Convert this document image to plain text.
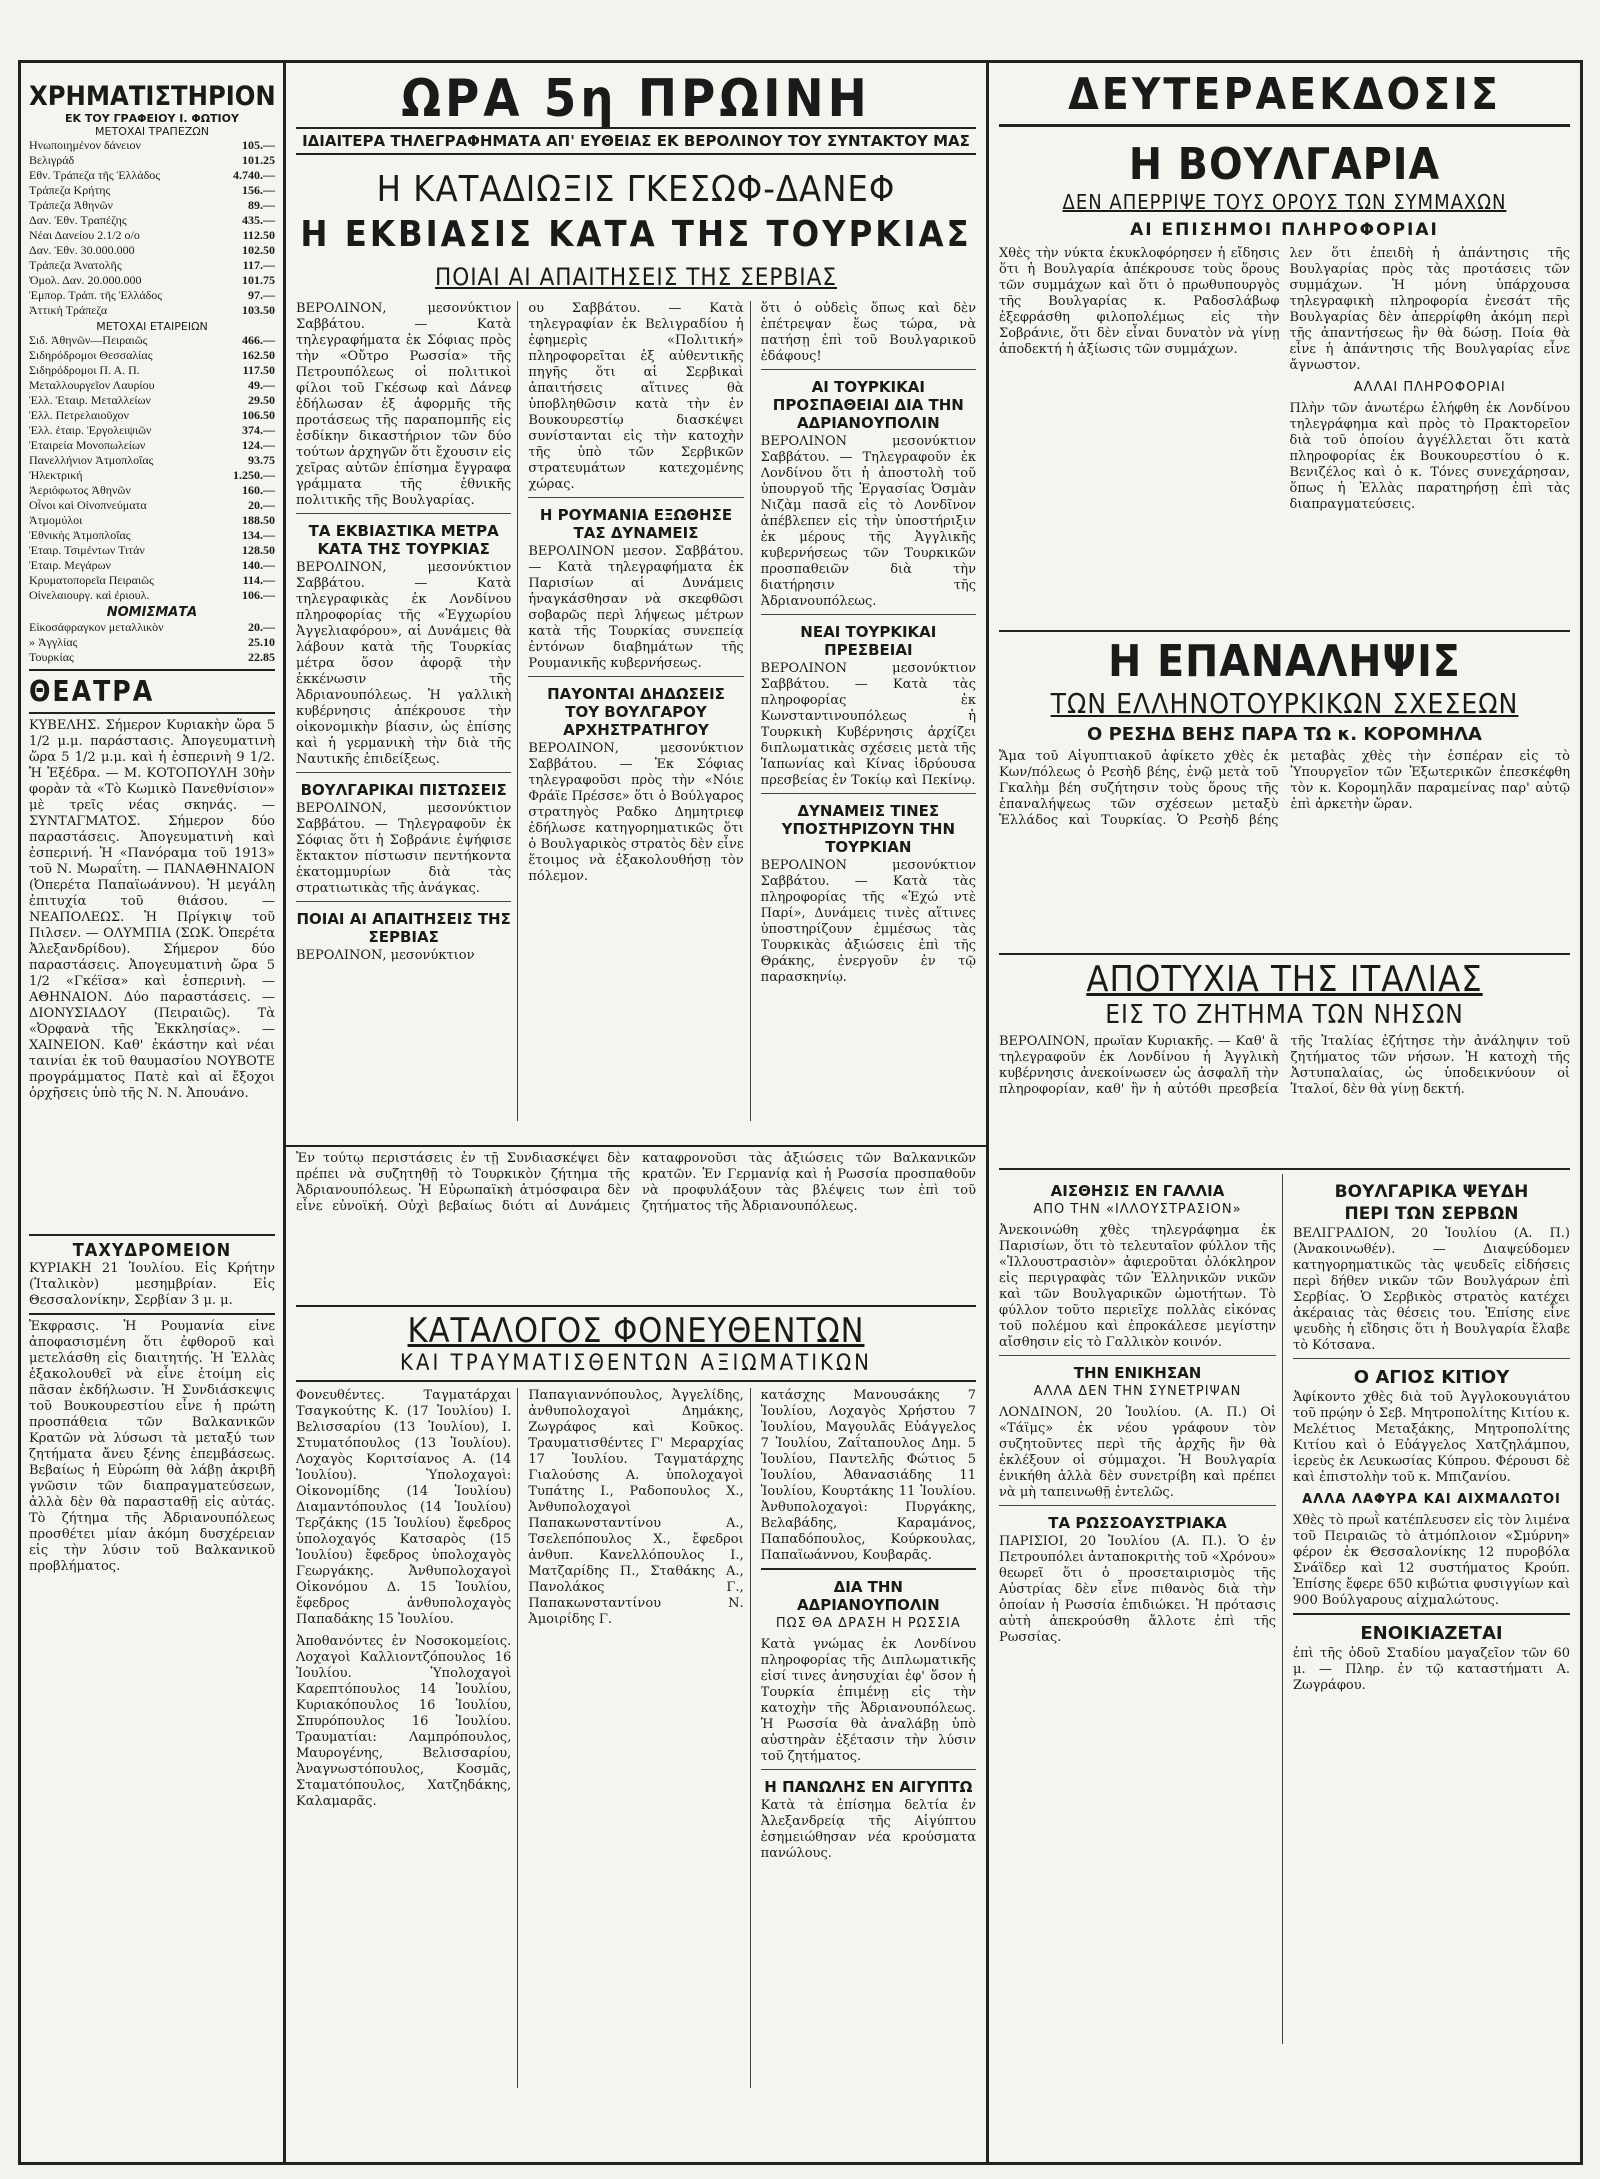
ΧΡΗΜΑΤΙΣΤΗΡΙΟΝ
ΕΚ ΤΟΥ ΓΡΑΦΕΙΟΥ Ι. ΦΩΤΙΟΥ
ΜΕΤΟΧΑΙ ΤΡΑΠΕΖΩΝ
Ηνωποιημένον δάνειον	105.—
Βελιγράδ	101.25
Εθν. Τράπεζα τῆς Ἑλλάδος	4.740.—
Τράπεζα Κρήτης	156.—
Τράπεζα Ἀθηνῶν	89.—
Δαν. Ἐθν. Τραπέζης	435.—
Νέαι Δανείου 2.1/2 ο/ο	112.50
Δαν. Ἐθν. 30.000.000	102.50
Τράπεζα Ἀνατολῆς	117.—
Ὁμολ. Δαν. 20.000.000	101.75
Ἐμπορ. Τράπ. τῆς Ἑλλάδος	97.—
Ἀττικὴ Τράπεζα	103.50
ΜΕΤΟΧΑΙ ΕΤΑΙΡΕΙΩΝ
Σιδ. Ἀθηνῶν—Πειραιῶς	466.—
Σιδηρόδρομοι Θεσσαλίας	162.50
Σιδηρόδρομοι Π. Α. Π.	117.50
Μεταλλουργεῖον Λαυρίου	49.—
Ἑλλ. Ἑταιρ. Μεταλλείων	29.50
Ἑλλ. Πετρελαιοῦχον	106.50
Ἑλλ. ἑταιρ. Ἐργολειψιῶν	374.—
Ἑταιρεία Μονοπωλείων	124.—
Πανελλήνιον Ἀτμοπλοΐας	93.75
Ἠλεκτρική	1.250.—
Ἀεριόφωτος Ἀθηνῶν	160.—
Οἶνοι καὶ Οἰνοπνεύματα	20.—
Ἀτμομύλοι	188.50
Ἐθνικὴς Ἀτμοπλοΐας	134.—
Ἑταιρ. Τσιμέντων Τιτάν	128.50
Ἑταιρ. Μεγάρων	140.—
Κρυματοπορεῖα Πειραιῶς	114.—
Οἰνελαιουργ. καὶ ἐριουλ.	106.—
ΝΟΜΙΣΜΑΤΑ
Εἰκοσάφραγκον μεταλλικὸν	20.—
» Ἀγγλίας	25.10
Τουρκίας	22.85
ΘΕΑΤΡΑ

ΚΥΒΕΛΗΣ. Σήμερον Κυριακὴν ὥρα 5 1/2 μ.μ. παράστασις. Ἀπογευματινὴ ὥρα 5 1/2 μ.μ. καὶ ἡ ἑσπερινὴ 9 1/2. Ἡ Ἐξέδρα. — Μ. ΚΟΤΟΠΟΥΛΗ 30ὴν φορὰν τὰ «Τὸ Κωμικὸ Πανεθνίσιον» μὲ τρεῖς νέας σκηνάς. — ΣΥΝΤΑΓΜΑΤΟΣ. Σήμερον δύο παραστάσεις. Ἀπογευματινὴ καὶ ἑσπερινή. Ἡ «Πανόραμα τοῦ 1913» τοῦ Ν. Μωραΐτη. — ΠΑΝΑΘΗΝΑΙΟΝ (Ὀπερέτα Παπαϊωάννου). Ἡ μεγάλη ἐπιτυχία τοῦ θιάσου. — ΝΕΑΠΟΛΕΩΣ. Ἡ Πρίγκιψ τοῦ Πιλσεν. — ΟΛΥΜΠΙΑ (ΣΩΚ. Ὀπερέτα Ἀλεξανδρίδου). Σήμερον δύο παραστάσεις. Ἀπογευματινὴ ὥρα 5 1/2 «Γκέϊσα» καὶ ἑσπερινὴ. — ΑΘΗΝΑΙΟΝ. Δύο παραστάσεις. — ΔΙΟΝΥΣΙΑΔΟΥ (Πειραιῶς). Τὰ «Ὀρφανὰ τῆς Ἐκκλησίας». — ΧΑΙΝΕΙΟΝ. Καθ' ἑκάστην καὶ νέαι ταινίαι ἐκ τοῦ θαυμασίου ΝΟΥΒΟΤΕ προγράμματος Πατὲ καὶ αἱ ἔξοχοι ὀρχῆσεις ὑπὸ τῆς Ν. Ν. Ἀπουάνο.

ΤΑΧΥΔΡΟΜΕΙΟΝ

ΚΥΡΙΑΚΗ 21 Ἰουλίου. Εἰς Κρήτην (Ἰταλικὸν) μεσημβρίαν. Εἰς Θεσσαλονίκην, Σερβίαν 3 μ. μ.

Ἐκφρασις. Ἡ Ρουμανία εἶνε ἀποφασισμένη ὅτι ἐφθοροῦ καὶ μετελάσθη εἰς διαιτητής. Ἡ Ἑλλὰς ἐξακολουθεῖ νὰ εἶνε ἑτοίμη εἰς πᾶσαν ἐκδήλωσιν. Ἡ Συνδιάσκεψις τοῦ Βουκουρεστίου εἶνε ἡ πρώτη προσπάθεια τῶν Βαλκανικῶν Κρατῶν νὰ λύσωσι τὰ μεταξύ των ζητήματα ἄνευ ξένης ἐπεμβάσεως. Βεβαίως ἡ Εὐρώπη θὰ λάβῃ ἀκριβῆ γνῶσιν τῶν διαπραγματεύσεων, ἀλλὰ δὲν θὰ παρασταθῇ εἰς αὐτάς. Τὸ ζήτημα τῆς Ἀδριανουπόλεως προσθέτει μίαν ἀκόμη δυσχέρειαν εἰς τὴν λύσιν τοῦ Βαλκανικοῦ προβλήματος.

ΩΡΑ 5η ΠΡΩΙΝΗ
ΙΔΙΑΙΤΕΡΑ ΤΗΛΕΓΡΑΦΗΜΑΤΑ ΑΠ' ΕΥΘΕΙΑΣ ΕΚ ΒΕΡΟΛΙΝΟΥ ΤΟΥ ΣΥΝΤΑΚΤΟΥ ΜΑΣ
Η ΚΑΤΑΔΙΩΞΙΣ ΓΚΕΣΩΦ-ΔΑΝΕΦ
Η ΕΚΒΙΑΣΙΣ ΚΑΤΑ ΤΗΣ ΤΟΥΡΚΙΑΣ
ΠΟΙΑΙ ΑΙ ΑΠΑΙΤΗΣΕΙΣ ΤΗΣ ΣΕΡΒΙΑΣ

ΒΕΡΟΛΙΝΟΝ, μεσονύκτιον Σαββάτου. — Κατὰ τηλεγραφήματα ἐκ Σόφιας πρὸς τὴν «Οὔτρο Ρωσσία» τῆς Πετρουπόλεως οἱ πολιτικοὶ φίλοι τοῦ Γκέσωφ καὶ Δάνεφ ἐδήλωσαν ἐξ ἀφορμῆς τῆς προτάσεως τῆς παραπομπῆς εἰς ἐσδίκην δικαστήριον τῶν δύο τούτων ἀρχηγῶν ὅτι ἔχουσιν εἰς χεῖρας αὐτῶν ἐπίσημα ἔγγραφα γράμματα τῆς ἐθνικῆς πολιτικῆς τῆς Βουλγαρίας.

ΤΑ ΕΚΒΙΑΣΤΙΚΑ ΜΕΤΡΑ ΚΑΤΑ ΤΗΣ ΤΟΥΡΚΙΑΣ

ΒΕΡΟΛΙΝΟΝ, μεσονύκτιον Σαββάτου. — Κατὰ τηλεγραφικὰς ἐκ Λονδίνου πληροφορίας τῆς «Ἐγχωρίου Ἀγγελιαφόρου», αἱ Δυνάμεις θὰ λάβουν κατὰ τῆς Τουρκίας μέτρα ὅσον ἀφορᾷ τὴν ἐκκένωσιν τῆς Ἀδριανουπόλεως. Ἡ γαλλικὴ κυβέρνησις ἀπέκρουσε τὴν οἰκονομικὴν βίασιν, ὡς ἐπίσης καὶ ἡ γερμανικὴ τὴν διὰ τῆς Ναυτικῆς ἐπιδείξεως.

ΒΟΥΛΓΑΡΙΚΑΙ ΠΙΣΤΩΣΕΙΣ

ΒΕΡΟΛΙΝΟΝ, μεσονύκτιον Σαββάτου. — Τηλεγραφοῦν ἐκ Σόφιας ὅτι ἡ Σοβράνιε ἐψήφισε ἔκτακτον πίστωσιν πεντήκοντα ἑκατομμυρίων διὰ τὰς στρατιωτικὰς τῆς ἀνάγκας.

ΠΟΙΑΙ ΑΙ ΑΠΑΙΤΗΣΕΙΣ ΤΗΣ ΣΕΡΒΙΑΣ

ΒΕΡΟΛΙΝΟΝ, μεσονύκτιον

ου Σαββάτου. — Κατὰ τηλεγραφίαν ἐκ Βελιγραδίου ἡ ἐφημερὶς «Πολιτική» πληροφορεῖται ἐξ αὐθεντικῆς πηγῆς ὅτι αἱ Σερβικαὶ ἀπαιτήσεις αἵτινες θὰ ὑποβληθῶσιν κατὰ τὴν ἐν Βουκουρεστίῳ διασκέψει συνίστανται εἰς τὴν κατοχὴν τῆς ὑπὸ τῶν Σερβικῶν στρατευμάτων κατεχομένης χώρας.

Η ΡΟΥΜΑΝΙΑ ΕΞΩΘΗΣΕ ΤΑΣ ΔΥΝΑΜΕΙΣ

ΒΕΡΟΛΙΝΟΝ μεσον. Σαββάτου. — Κατὰ τηλεγραφήματα ἐκ Παρισίων αἱ Δυνάμεις ἠναγκάσθησαν νὰ σκεφθῶσι σοβαρῶς περὶ λήψεως μέτρων κατὰ τῆς Τουρκίας συνεπείᾳ ἐντόνων διαβημάτων τῆς Ρουμανικῆς κυβερνήσεως.

ΠΑΥΟΝΤΑΙ ΔΗΔΩΣΕΙΣ ΤΟΥ ΒΟΥΛΓΑΡΟΥ ΑΡΧΗΣΤΡΑΤΗΓΟΥ

ΒΕΡΟΛΙΝΟΝ, μεσονύκτιον Σαββάτου. — Ἐκ Σόφιας τηλεγραφοῦσι πρὸς τὴν «Νόιε Φράϊε Πρέσσε» ὅτι ὁ Βούλγαρος στρατηγὸς Ραδκο Δημητριεφ ἐδήλωσε κατηγορηματικῶς ὅτι ὁ Βουλγαρικὸς στρατὸς δὲν εἶνε ἕτοιμος νὰ ἐξακολουθήσῃ τὸν πόλεμον.

ὅτι ὁ οὐδεὶς ὅπως καὶ δὲν ἐπέτρεψαν ἕως τώρα, νὰ πατήσῃ ἐπὶ τοῦ Βουλγαρικοῦ ἐδάφους!

ΑΙ ΤΟΥΡΚΙΚΑΙ ΠΡΟΣΠΑΘΕΙΑΙ ΔΙΑ ΤΗΝ ΑΔΡΙΑΝΟΥΠΟΛΙΝ

ΒΕΡΟΛΙΝΟΝ μεσονύκτιον Σαββάτου. — Τηλεγραφοῦν ἐκ Λονδίνου ὅτι ἡ ἀποστολὴ τοῦ ὑπουργοῦ τῆς Ἐργασίας Ὀσμὰν Νιζὰμ πασᾶ εἰς τὸ Λονδῖνον ἀπέβλεπεν εἰς τὴν ὑποστήριξιν ἐκ μέρους τῆς Ἀγγλικῆς κυβερνήσεως τῶν Τουρκικῶν προσπαθειῶν διὰ τὴν διατήρησιν τῆς Ἀδριανουπόλεως.

ΝΕΑΙ ΤΟΥΡΚΙΚΑΙ ΠΡΕΣΒΕΙΑΙ

ΒΕΡΟΛΙΝΟΝ μεσονύκτιον Σαββάτου. — Κατὰ τὰς πληροφορίας ἐκ Κωνσταντινουπόλεως ἡ Τουρκικὴ Κυβέρνησις ἀρχίζει διπλωματικὰς σχέσεις μετὰ τῆς Ἰαπωνίας καὶ Κίνας ἱδρύουσα πρεσβείας ἐν Τοκίῳ καὶ Πεκίνῳ.

ΔΥΝΑΜΕΙΣ ΤΙΝΕΣ ΥΠΟΣΤΗΡΙΖΟΥΝ ΤΗΝ ΤΟΥΡΚΙΑΝ

ΒΕΡΟΛΙΝΟΝ μεσονύκτιον Σαββάτου. — Κατὰ τὰς πληροφορίας τῆς «Ἐχώ ντὲ Παρί», Δυνάμεις τινὲς αἵτινες ὑποστηρίζουν ἐμμέσως τὰς Τουρκικὰς ἀξιώσεις ἐπὶ τῆς Θράκης, ἐνεργοῦν ἐν τῷ παρασκηνίῳ.

Ἐν τούτῳ περιστάσεις ἐν τῇ Συνδιασκέψει δὲν πρέπει νὰ συζητηθῇ τὸ Τουρκικὸν ζήτημα τῆς Ἀδριανουπόλεως. Ἡ Εὐρωπαϊκὴ ἀτμόσφαιρα δὲν εἶνε εὐνοϊκή. Οὐχὶ βεβαίως διότι αἱ Δυνάμεις καταφρονοῦσι τὰς ἀξιώσεις τῶν Βαλκανικῶν κρατῶν. Ἐν Γερμανίᾳ καὶ ἡ Ρωσσία προσπαθοῦν νὰ προφυλάξουν τὰς βλέψεις των ἐπὶ τοῦ ζητήματος τῆς Ἀδριανουπόλεως.

ΚΑΤΑΛΟΓΟΣ ΦΟΝΕΥΘΕΝΤΩΝ
ΚΑΙ ΤΡΑΥΜΑΤΙΣΘΕΝΤΩΝ ΑΞΙΩΜΑΤΙΚΩΝ

Φονευθέντες. Ταγματάρχαι Τσαγκούτης Κ. (17 Ἰουλίου) Ι. Βελισσαρίου (13 Ἰουλίου), Ι. Στυματόπουλος (13 Ἰουλίου). Λοχαγὸς Κοριτσίανος Α. (14 Ἰουλίου). Ὑπολοχαγοὶ: Οἰκονομίδης (14 Ἰουλίου) Διαμαντόπουλος (14 Ἰουλίου) Τερζάκης (15 Ἰουλίου) ἔφεδρος ὑπολοχαγός Κατσαρὸς (15 Ἰουλίου) ἔφεδρος ὑπολοχαγὸς Γεωργάκης. Ἀνθυπολοχαγοὶ Οἰκονόμου Δ. 15 Ἰουλίου, ἔφεδρος ἀνθυπολοχαγὸς Παπαδάκης 15 Ἰουλίου.

Ἀποθανόντες ἐν Νοσοκομείοις. Λοχαγοὶ Καλλιοντζόπουλος 16 Ἰουλίου. Ὑπολοχαγοὶ Καρεπτόπουλος 14 Ἰουλίου, Κυριακόπουλος 16 Ἰουλίου, Σπυρόπουλος 16 Ἰουλίου. Τραυματίαι: Λαμπρόπουλος, Μαυρογένης, Βελισσαρίου, Ἀναγνωστόπουλος, Κοσμᾶς, Σταματόπουλος, Χατζηδάκης, Καλαμαρᾶς.

Παπαγιαννόπουλος, Ἀγγελίδης, ἀνθυπολοχαγοὶ Δημάκης, Ζωγράφος καὶ Κοῦκος. Τραυματισθέντες Γ' Μεραρχίας 17 Ἰουλίου. Ταγματάρχης Γιαλούσης Α. ὑπολοχαγοὶ Τυπάτης Ι., Ραδοπουλος Χ., Ἀνθυπολοχαγοὶ Παπακωνσταντίνου Α., Τσελεπόπουλος Χ., ἔφεδροι ἀνθυπ. Κανελλόπουλος Ι., Ματζαρίδης Π., Σταθάκης Α., Πανολάκος Γ., Παπακωνσταντίνου Ν. Ἀμοιρίδης Γ.

κατάσχης Μανουσάκης 7 Ἰουλίου, Λοχαγὸς Χρήστου 7 Ἰουλίου, Μαγουλᾶς Εὐάγγελος 7 Ἰουλίου, Ζαΐταπουλος Δημ. 5 Ἰουλίου, Παντελῆς Φώτιος 5 Ἰουλίου, Ἀθανασιάδης 11 Ἰουλίου, Κουρτάκης 11 Ἰουλίου. Ἀνθυπολοχαγοὶ: Πυργάκης, Βελαβάδης, Καραμάνος, Παπαδόπουλος, Κούρκουλας, Παπαϊωάννου, Κουβαρᾶς.

ΔΙΑ ΤΗΝ ΑΔΡΙΑΝΟΥΠΟΛΙΝ
ΠΩΣ ΘΑ ΔΡΑΣΗ Η ΡΩΣΣΙΑ

Κατὰ γνώμας ἐκ Λονδίνου πληροφορίας τῆς Διπλωματικῆς εἰσί τινες ἀνησυχίαι ἐφ' ὅσον ἡ Τουρκία ἐπιμένῃ εἰς τὴν κατοχὴν τῆς Ἀδριανουπόλεως. Ἡ Ρωσσία θὰ ἀναλάβῃ ὑπὸ αὐστηρὰν ἐξέτασιν τὴν λύσιν τοῦ ζητήματος.

Η ΠΑΝΩΛΗΣ ΕΝ ΑΙΓΥΠΤΩ

Κατὰ τὰ ἐπίσημα δελτία ἐν Ἀλεξανδρείᾳ τῆς Αἰγύπτου ἐσημειώθησαν νέα κρούσματα πανώλους.

ΔΕΥΤΕΡΑΕΚΔΟΣΙΣ
Η ΒΟΥΛΓΑΡΙΑ
ΔΕΝ ΑΠΕΡΡΙΨΕ ΤΟΥΣ ΟΡΟΥΣ ΤΩΝ ΣΥΜΜΑΧΩΝ
ΑΙ ΕΠΙΣΗΜΟΙ ΠΛΗΡΟΦΟΡΙΑΙ

Χθὲς τὴν νύκτα ἐκυκλοφόρησεν ἡ εἴδησις ὅτι ἡ Βουλγαρία ἀπέκρουσε τοὺς ὅρους τῶν συμμάχων καὶ ὅτι ὁ πρωθυπουργὸς τῆς Βουλγαρίας κ. Ραδοσλάβωφ ἐξεφράσθη φιλοπολέμως εἰς τὴν Σοβράνιε, ὅτι δὲν εἶναι δυνατὸν νὰ γίνῃ ἀποδεκτή ἡ ἀξίωσις τῶν συμμάχων.

λεν ὅτι ἐπειδὴ ἡ ἀπάντησις τῆς Βουλγαρίας πρὸς τὰς προτάσεις τῶν συμμάχων. Ἡ μόνη ὑπάρχουσα τηλεγραφικὴ πληροφορία ἐνεσάτ τῆς Βουλγαρίας δὲν ἀπερρίφθη ἀκόμη περὶ τῆς ἀπαντήσεως ἣν θὰ δώσῃ. Ποία θὰ εἶνε ἡ ἀπάντησις τῆς Βουλγαρίας εἶνε ἄγνωστον.

ΑΛΛΑΙ ΠΛΗΡΟΦΟΡΙΑΙ

Πλὴν τῶν ἀνωτέρω ἐλήφθη ἐκ Λονδίνου τηλεγράφημα καὶ πρὸς τὸ Πρακτορεῖον διὰ τοῦ ὁποίου ἀγγέλλεται ὅτι κατὰ πληροφορίας ἐκ Βουκουρεστίου ὁ κ. Βενιζέλος καὶ ὁ κ. Τόνες συνεχάρησαν, ὅπως ἡ Ἑλλὰς παρατηρήσῃ ἐπὶ τὰς διαπραγματεύσεις.

Η ΕΠΑΝΑΛΗΨΙΣ
ΤΩΝ ΕΛΛΗΝΟΤΟΥΡΚΙΚΩΝ ΣΧΕΣΕΩΝ
Ο ΡΕΣΗΔ ΒΕΗΣ ΠΑΡΑ ΤΩ κ. ΚΟΡΟΜΗΛΑ

Ἄμα τοῦ Αἰγυπτιακοῦ ἀφίκετο χθὲς ἐκ Κων/πόλεως ὁ Ρεσὴδ βέης, ἐνῷ μετὰ τοῦ Γκαλὴμ βέη συζήτησιν τοὺς ὅρους τῆς ἐπαναλήψεως τῶν σχέσεων μεταξὺ Ἑλλάδος καὶ Τουρκίας. Ὁ Ρεσὴδ βέης μεταβὰς χθὲς τὴν ἑσπέραν εἰς τὸ Ὑπουργεῖον τῶν Ἐξωτερικῶν ἐπεσκέφθη τὸν κ. Κορομηλᾶν παραμείνας παρ' αὐτῷ ἐπὶ ἀρκετὴν ὥραν.

ΑΠΟΤΥΧΙΑ ΤΗΣ ΙΤΑΛΙΑΣ
ΕΙΣ ΤΟ ΖΗΤΗΜΑ ΤΩΝ ΝΗΣΩΝ

ΒΕΡΟΛΙΝΟΝ, πρωΐαν Κυριακῆς. — Καθ' ἃ τηλεγραφοῦν ἐκ Λονδίνου ἡ Ἀγγλικὴ κυβέρνησις ἀνεκοίνωσεν ὡς ἀσφαλῆ τὴν πληροφορίαν, καθ' ἣν ἡ αὐτόθι πρεσβεία τῆς Ἰταλίας ἐζήτησε τὴν ἀνάληψιν τοῦ ζητήματος τῶν νήσων. Ἡ κατοχὴ τῆς Ἀστυπαλαίας, ὡς ὑποδεικνύουν οἱ Ἰταλοί, δὲν θὰ γίνῃ δεκτή.

ΑΙΣΘΗΣΙΣ ΕΝ ΓΑΛΛΙΑ
ΑΠΟ ΤΗΝ «ΙΛΛΟΥΣΤΡΑΣΙΟΝ»

Ἀνεκοινώθη χθὲς τηλεγράφημα ἐκ Παρισίων, ὅτι τὸ τελευταῖον φύλλον τῆς «Ἰλλουστρασιὸν» ἀφιεροῦται ὁλόκληρον εἰς περιγραφὰς τῶν Ἑλληνικῶν νικῶν καὶ τῶν Βουλγαρικῶν ὠμοτήτων. Τὸ φύλλον τοῦτο περιεῖχε πολλὰς εἰκόνας τοῦ πολέμου καὶ ἐπροκάλεσε μεγίστην αἴσθησιν εἰς τὸ Γαλλικὸν κοινόν.

ΤΗΝ ΕΝΙΚΗΣΑΝ
ΑΛΛΑ ΔΕΝ ΤΗΝ ΣΥΝΕΤΡΙΨΑΝ

ΛΟΝΔΙΝΟΝ, 20 Ἰουλίου. (Α. Π.) Οἱ «Τάϊμς» ἐκ νέου γράφουν τὸν συζητοῦντες περὶ τῆς ἀρχῆς ἣν θὰ ἐκλέξουν οἱ σύμμαχοι. Ἡ Βουλγαρία ἐνικήθη ἀλλὰ δὲν συνετρίβη καὶ πρέπει νὰ μὴ ταπεινωθῇ ἐντελῶς.

ΤΑ ΡΩΣΣΟΑΥΣΤΡΙΑΚΑ

ΠΑΡΙΣΙΟΙ, 20 Ἰουλίου (Α. Π.). Ὁ ἐν Πετρουπόλει ἀνταποκριτὴς τοῦ «Χρόνου» θεωρεῖ ὅτι ὁ προσεταιρισμὸς τῆς Αὐστρίας δὲν εἶνε πιθανὸς διὰ τὴν ὁποίαν ἡ Ρωσσία ἐπιδιώκει. Ἡ πρότασις αὐτὴ ἀπεκρούσθη ἄλλοτε ἐπὶ τῆς Ρωσσίας.

ΒΟΥΛΓΑΡΙΚΑ ΨΕΥΔΗ
ΠΕΡΙ ΤΩΝ ΣΕΡΒΩΝ

ΒΕΛΙΓΡΑΔΙΟΝ, 20 Ἰουλίου (Α. Π.) (Ἀνακοινωθέν). — Διαψεύδομεν κατηγορηματικῶς τὰς ψευδεῖς εἰδήσεις περὶ δήθεν νικῶν τῶν Βουλγάρων ἐπὶ Σερβίας. Ὁ Σερβικὸς στρατὸς κατέχει ἀκέραιας τὰς θέσεις του. Ἐπίσης εἶνε ψευδὴς ἡ εἴδησις ὅτι ἡ Βουλγαρία ἔλαβε τὸ Κότσανα.

Ο ΑΓΙΟΣ ΚΙΤΙΟΥ

Ἀφίκοντο χθὲς διὰ τοῦ Ἀγγλοκουγιάτου τοῦ πρῴην ὁ Σεβ. Μητροπολίτης Κιτίου κ. Μελέτιος Μεταξάκης, Μητροπολίτης Κιτίου καὶ ὁ Εὐάγγελος Χατζηλάμπου, ἱερεὺς ἐκ Λευκωσίας Κύπρου. Φέρουσι δὲ καὶ ἐπιστολὴν τοῦ κ. Μπιζανίου.

ΑΛΛΑ ΛΑΦΥΡΑ ΚΑΙ ΑΙΧΜΑΛΩΤΟΙ

Χθὲς τὸ πρωῒ κατέπλευσεν εἰς τὸν λιμένα τοῦ Πειραιῶς τὸ ἀτμόπλοιον «Σμύρνη» φέρον ἐκ Θεσσαλονίκης 12 πυροβόλα Σνάϊδερ καὶ 12 συστήματος Κρούπ. Ἐπίσης ἔφερε 650 κιβώτια φυσιγγίων καὶ 900 Βούλγαρους αἰχμαλώτους.

ΕΝΟΙΚΙΑΖΕΤΑΙ

ἐπὶ τῆς ὁδοῦ Σταδίου μαγαζεῖον τῶν 60 μ. — Πληρ. ἐν τῷ καταστήματι Α. Ζωγράφου.
